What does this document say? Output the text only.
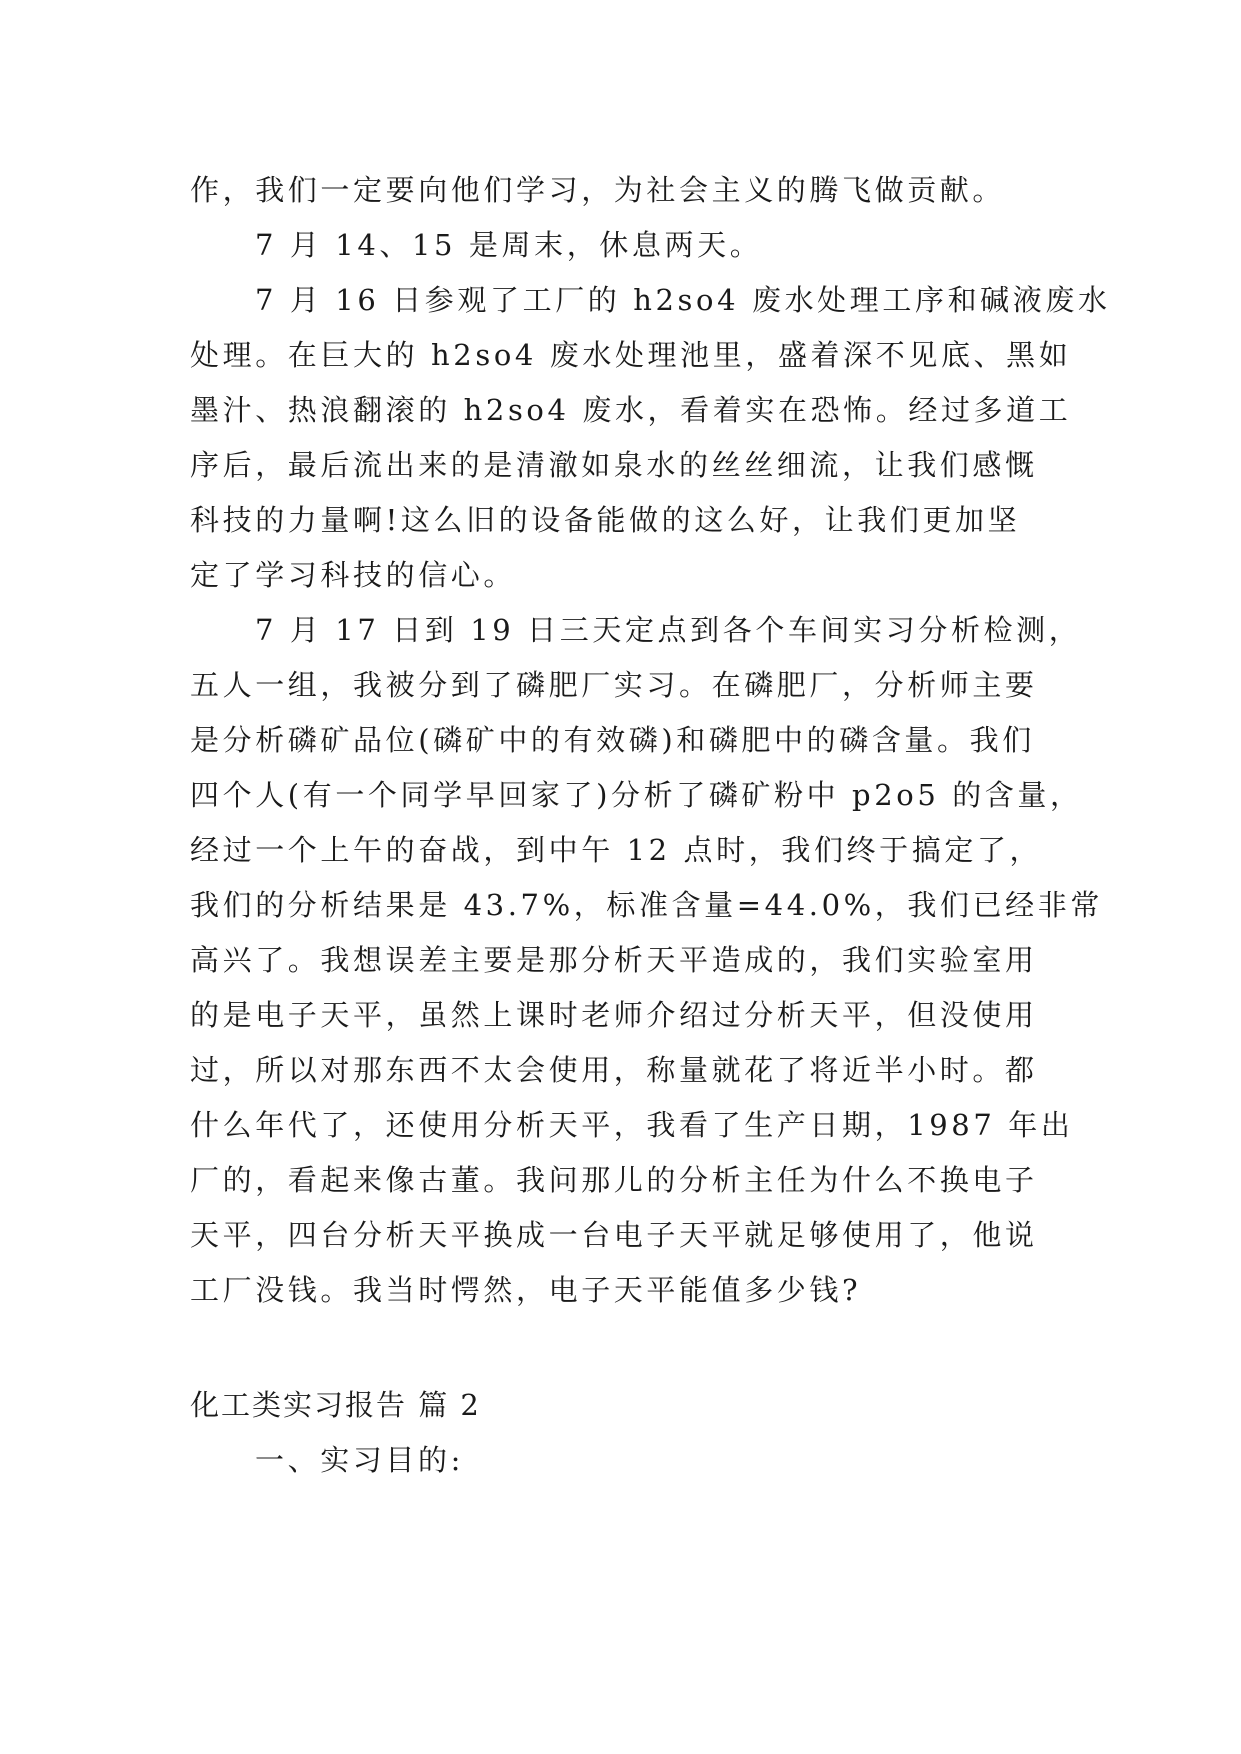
作，我们一定要向他们学习，为社会主义的腾飞做贡献。
7 月 14、15 是周末，休息两天。
7 月 16 日参观了工厂的 h2so4 废水处理工序和碱液废水
处理。在巨大的 h2so4 废水处理池里，盛着深不见底、黑如
墨汁、热浪翻滚的 h2so4 废水，看着实在恐怖。经过多道工
序后，最后流出来的是清澈如泉水的丝丝细流，让我们感慨
科技的力量啊!这么旧的设备能做的这么好，让我们更加坚
定了学习科技的信心。
7 月 17 日到 19 日三天定点到各个车间实习分析检测，
五人一组，我被分到了磷肥厂实习。在磷肥厂，分析师主要
是分析磷矿品位(磷矿中的有效磷)和磷肥中的磷含量。我们
四个人(有一个同学早回家了)分析了磷矿粉中 p2o5 的含量，
经过一个上午的奋战，到中午 12 点时，我们终于搞定了，
我们的分析结果是 43.7%，标准含量=44.0%，我们已经非常
高兴了。我想误差主要是那分析天平造成的，我们实验室用
的是电子天平，虽然上课时老师介绍过分析天平，但没使用
过，所以对那东西不太会使用，称量就花了将近半小时。都
什么年代了，还使用分析天平，我看了生产日期，1987 年出
厂的，看起来像古董。我问那儿的分析主任为什么不换电子
天平，四台分析天平换成一台电子天平就足够使用了，他说
工厂没钱。我当时愕然，电子天平能值多少钱?
化工类实习报告 篇 2
一、实习目的:
